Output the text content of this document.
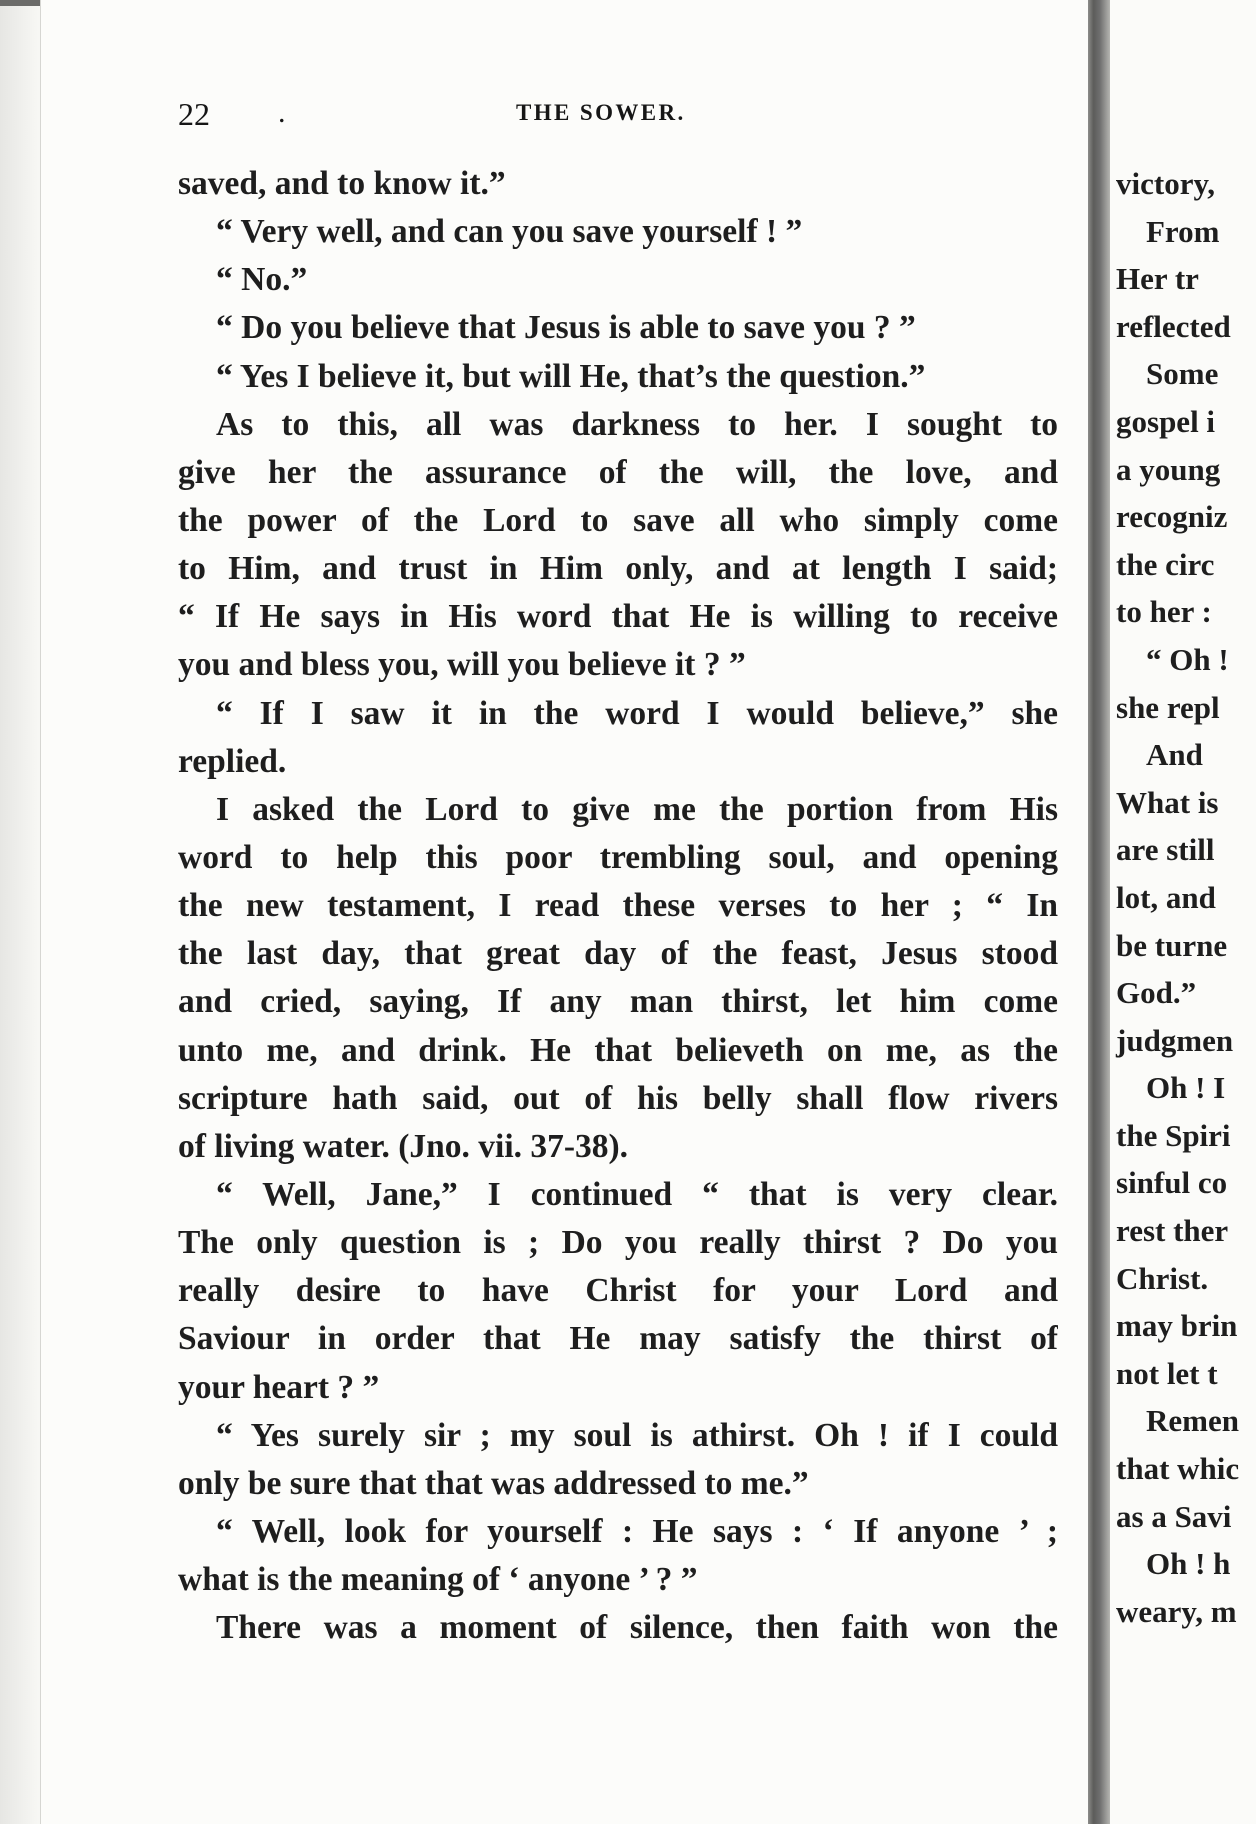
22 .	THE SOWER.
saved, and to know it.”
“ Very well, and can you save yourself ! ”
“ No.”
“ Do you believe that Jesus is able to save you ? ”
“ Yes I believe it, but will He, that’s the question.”
As to this, all was darkness to her. I sought to
give her the assurance of the will, the love, and
the power of the Lord to save all who simply come
to Him, and trust in Him only, and at length I said;
“ If He says in His word that He is willing to receive
you and bless you, will you believe it ? ”
“ If I saw it in the word I would believe,” she
replied.
I asked the Lord to give me the portion from His
word to help this poor trembling soul, and opening
the new testament, I read these verses to her ; “ In
the last day, that great day of the feast, Jesus stood
and cried, saying, If any man thirst, let him come
unto me, and drink. He that believeth on me, as the
scripture hath said, out of his belly shall flow rivers
of living water. (Jno. vii. 37-38).
“ Well, Jane,” I continued “ that is very clear.
The only question is ; Do you really thirst ? Do you
really desire to have Christ for your Lord and
Saviour in order that He may satisfy the thirst of
your heart ? ”
“ Yes surely sir ; my soul is athirst. Oh ! if I could
only be sure that that was addressed to me.”
“ Well, look for yourself : He says : ‘ If anyone ’ ;
what is the meaning of ‘ anyone ’ ? ”
There was a moment of silence, then faith won the
victory,
From
Her tr
reflected
Some
gospel i
a young
recogniz
the circ
to her :
“ Oh !
she repl
And
What is
are still
lot, and
be turne
God.”
judgmen
Oh ! I
the Spiri
sinful co
rest ther
Christ.
may brin
not let t
Remen
that whic
as a Savi
Oh ! h
weary, m
